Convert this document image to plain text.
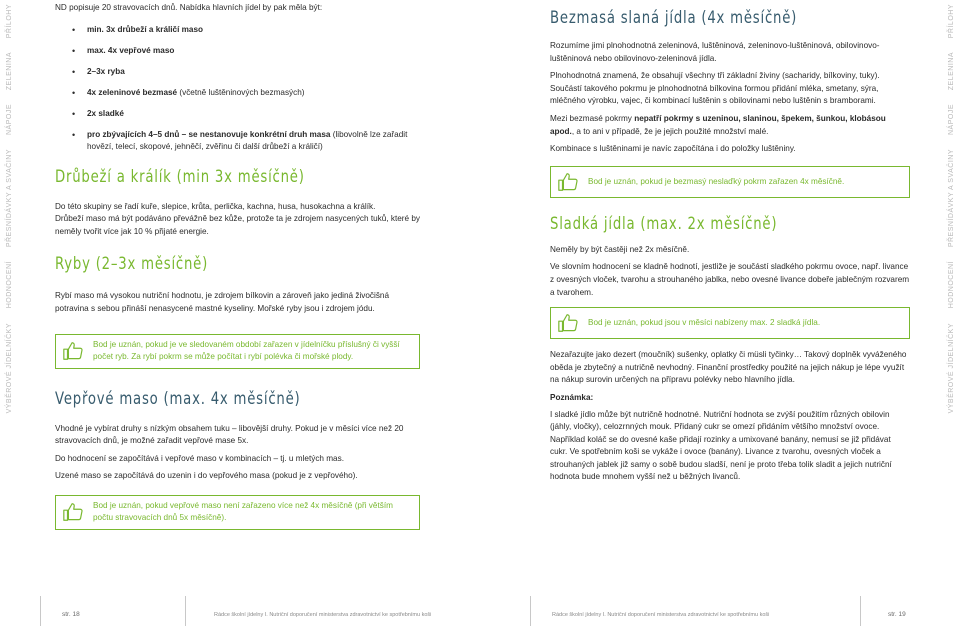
VÝBĚROVÉ JÍDELNÍČKY
HODNOCENÍ
PŘESNÍDÁVKY A SVAČINY
NÁPOJE
ZELENINA
PŘÍLOHY
VÝBĚROVÉ JÍDELNÍČKY
HODNOCENÍ
PŘESNÍDÁVKY A SVAČINY
NÁPOJE
ZELENINA
PŘÍLOHY

ND popisuje 20 stravovacích dnů. Nabídka hlavních jídel by pak měla být:

• min. 3x drůbeží a králičí maso
• max. 4x vepřové maso
• 2–3x ryba
• 4x zeleninové bezmasé (včetně luštěninových bezmasých)
• 2x sladké
• pro zbývajících 4–5 dnů – se nestanovuje konkrétní druh masa (libovolně lze zařadit hovězí, telecí, skopové, jehněčí, zvěřinu či další drůbeží a králičí)
Drůbeží a králík (min 3x měsíčně)

Do této skupiny se řadí kuře, slepice, krůta, perlička, kachna, husa, husokachna a králík.

Drůbeží maso má být podáváno převážně bez kůže, protože ta je zdrojem nasycených tuků, které by neměly tvořit více jak 10 % přijaté energie.

Ryby (2–3x měsíčně)

Rybí maso má vysokou nutriční hodnotu, je zdrojem bílkovin a zároveň jako jediná živočišná potravina s sebou přináší nenasycené mastné kyseliny. Mořské ryby jsou i zdrojem jódu.

Bod je uznán, pokud je ve sledovaném období zařazen v jídelníčku příslušný či vyšší počet ryb. Za rybí pokrm se může počítat i rybí polévka či mořské plody.
Vepřové maso (max. 4x měsíčně)

Vhodné je vybírat druhy s nízkým obsahem tuku – libovější druhy. Pokud je v měsíci více než 20 stravovacích dnů, je možné zařadit vepřové mase 5x.

Do hodnocení se započítává i vepřové maso v kombinacích – tj. u mletých mas.

Uzené maso se započítává do uzenin i do vepřového masa (pokud je z vepřového).

Bod je uznán, pokud vepřové maso není zařazeno více než 4x měsíčně (při větším počtu stravovacích dnů 5x měsíčně).
Bezmasá slaná jídla (4x měsíčně)

Rozumíme jimi plnohodnotná zeleninová, luštěninová, zeleninovo-luštěninová, obilovinovo-luštěninová nebo obilovinovo-zeleninová jídla.

Plnohodnotná znamená, že obsahují všechny tři základní živiny (sacharidy, bílkoviny, tuky). Součástí takového pokrmu je plnohodnotná bílkovina formou přidání mléka, smetany, sýra, mléčného výrobku, vajec, či kombinací luštěnin s obilovinami nebo luštěnin s bramborami.

Mezi bezmasé pokrmy nepatří pokrmy s uzeninou, slaninou, špekem, šunkou, klobásou apod., a to ani v případě, že je jejich použité množství malé.

Kombinace s luštěninami je navíc započítána i do položky luštěniny.

Bod je uznán, pokud je bezmasý neslaďký pokrm zařazen 4x měsíčně.
Sladká jídla (max. 2x měsíčně)

Neměly by být častěji než 2x měsíčně.

Ve slovním hodnocení se kladně hodnotí, jestliže je součástí sladkého pokrmu ovoce, např. livance z ovesných vloček, tvarohu a strouhaného jablka, nebo ovesné livance dobeře jablečným rozvarem a tvarohem.

Bod je uznán, pokud jsou v měsíci nabízeny max. 2 sladká jídla.

Nezařazujte jako dezert (moučník) sušenky, oplatky či müsli tyčinky… Takový doplněk vyváženého oběda je zbytečný a nutričně nevhodný. Finanční prostředky použité na jejich nákup je lépe využít na nákup surovin určených na přípravu polévky nebo hlavního jídla.

Poznámka:

I sladké jídlo může být nutričně hodnotné. Nutriční hodnota se zvýší použitím různých obilovin (jáhly, vločky), celozrnných mouk. Přidaný cukr se omezí přidáním většího množství ovoce. Například koláč se do ovesné kaše přidají rozinky a umixované banány, nemusí se již přidávat cukr. Ve spotřebním koši se vykáže i ovoce (banány). Livance z tvarohu, ovesných vloček a strouhaných jablek již samy o sobě budou sladší, není je proto třeba tolik sladit a jejich nutriční hodnota bude mnohem vyšší než u běžných livanců.

str. 18	Rádce školní jídelny I. Nutriční doporučení ministerstva zdravotnictví ke spotřebnímu koši	Rádce školní jídelny I. Nutriční doporučení ministerstva zdravotnictví ke spotřebnímu koši	str. 19
